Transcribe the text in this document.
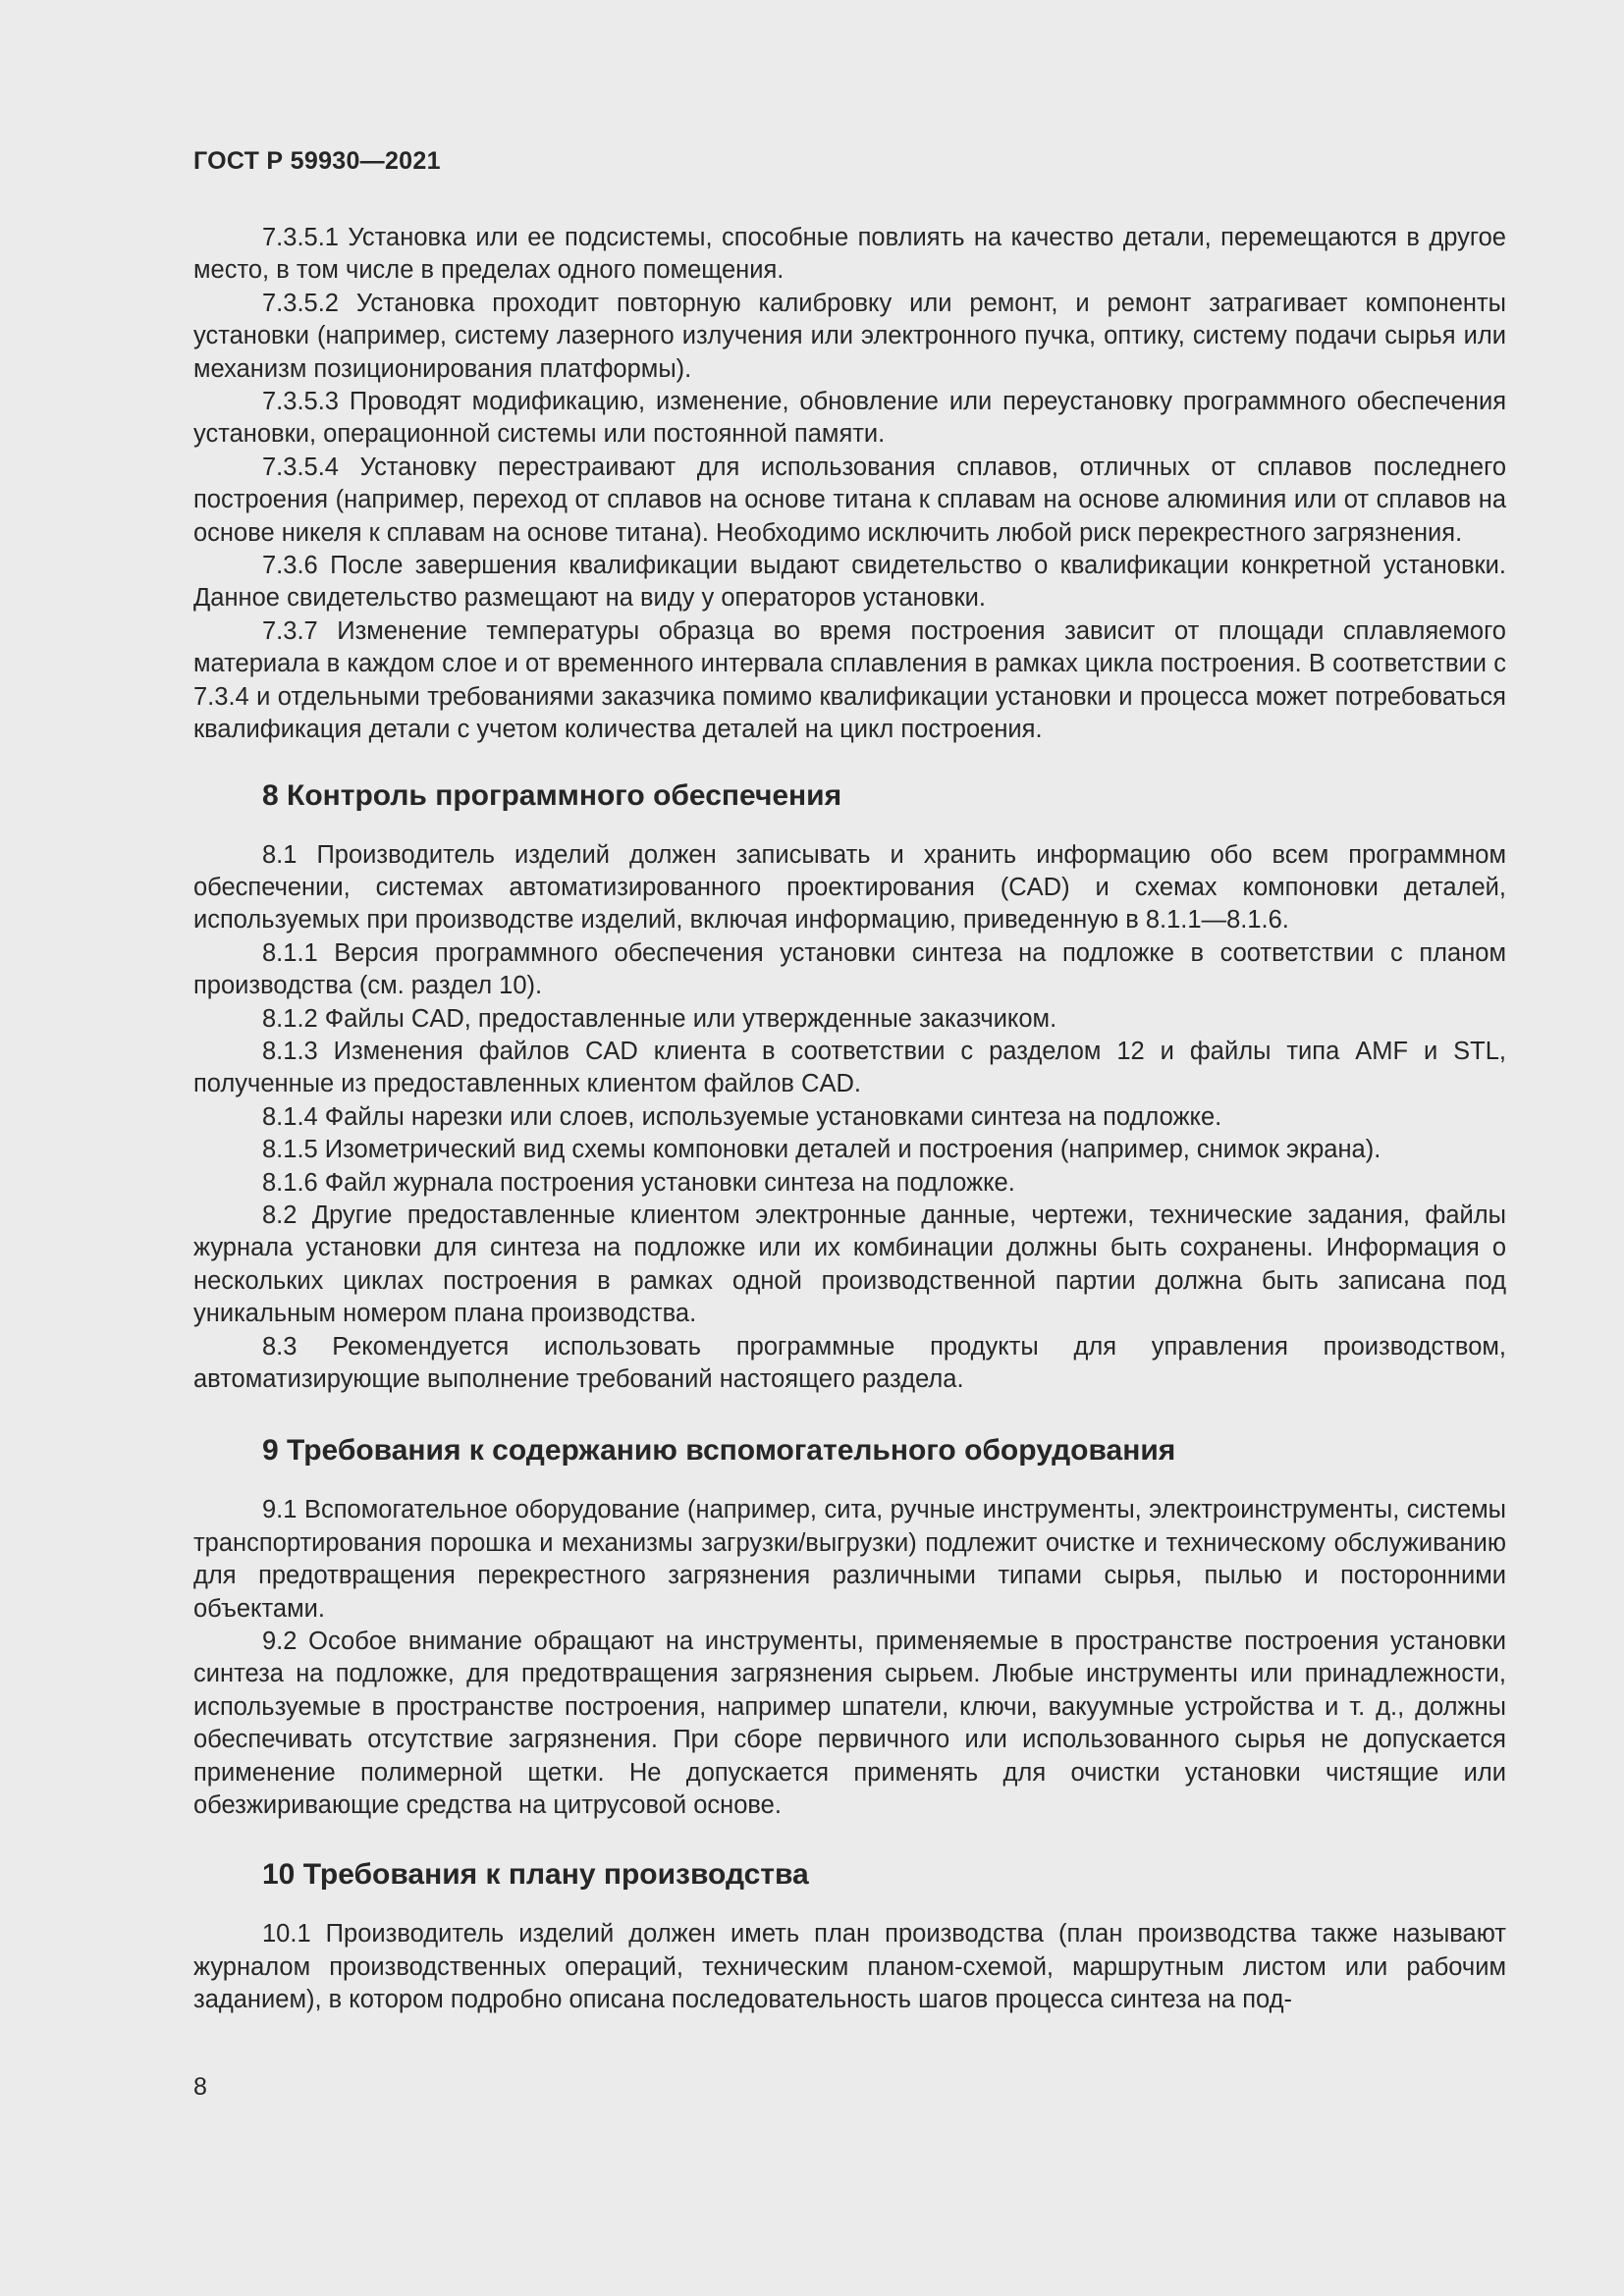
ГОСТ Р 59930—2021

7.3.5.1 Установка или ее подсистемы, способные повлиять на качество детали, перемещаются в другое место, в том числе в пределах одного помещения.

7.3.5.2 Установка проходит повторную калибровку или ремонт, и ремонт затрагивает компоненты установки (например, систему лазерного излучения или электронного пучка, оптику, систему подачи сырья или механизм позиционирования платформы).

7.3.5.3 Проводят модификацию, изменение, обновление или переустановку программного обеспечения установки, операционной системы или постоянной памяти.

7.3.5.4 Установку перестраивают для использования сплавов, отличных от сплавов последнего построения (например, переход от сплавов на основе титана к сплавам на основе алюминия или от сплавов на основе никеля к сплавам на основе титана). Необходимо исключить любой риск перекрестного загрязнения.

7.3.6 После завершения квалификации выдают свидетельство о квалификации конкретной установки. Данное свидетельство размещают на виду у операторов установки.

7.3.7 Изменение температуры образца во время построения зависит от площади сплавляемого материала в каждом слое и от временного интервала сплавления в рамках цикла построения. В соответствии с 7.3.4 и отдельными требованиями заказчика помимо квалификации установки и процесса может потребоваться квалификация детали с учетом количества деталей на цикл построения.

8 Контроль программного обеспечения

8.1 Производитель изделий должен записывать и хранить информацию обо всем программном обеспечении, системах автоматизированного проектирования (CAD) и схемах компоновки деталей, используемых при производстве изделий, включая информацию, приведенную в 8.1.1—8.1.6.

8.1.1 Версия программного обеспечения установки синтеза на подложке в соответствии с планом производства (см. раздел 10).

8.1.2 Файлы CAD, предоставленные или утвержденные заказчиком.

8.1.3 Изменения файлов CAD клиента в соответствии с разделом 12 и файлы типа AMF и STL, полученные из предоставленных клиентом файлов CAD.

8.1.4 Файлы нарезки или слоев, используемые установками синтеза на подложке.

8.1.5 Изометрический вид схемы компоновки деталей и построения (например, снимок экрана).

8.1.6 Файл журнала построения установки синтеза на подложке.

8.2 Другие предоставленные клиентом электронные данные, чертежи, технические задания, файлы журнала установки для синтеза на подложке или их комбинации должны быть сохранены. Информация о нескольких циклах построения в рамках одной производственной партии должна быть записана под уникальным номером плана производства.

8.3 Рекомендуется использовать программные продукты для управления производством, автоматизирующие выполнение требований настоящего раздела.

9 Требования к содержанию вспомогательного оборудования

9.1 Вспомогательное оборудование (например, сита, ручные инструменты, электроинструменты, системы транспортирования порошка и механизмы загрузки/выгрузки) подлежит очистке и техническому обслуживанию для предотвращения перекрестного загрязнения различными типами сырья, пылью и посторонними объектами.

9.2 Особое внимание обращают на инструменты, применяемые в пространстве построения установки синтеза на подложке, для предотвращения загрязнения сырьем. Любые инструменты или принадлежности, используемые в пространстве построения, например шпатели, ключи, вакуумные устройства и т. д., должны обеспечивать отсутствие загрязнения. При сборе первичного или использованного сырья не допускается применение полимерной щетки. Не допускается применять для очистки установки чистящие или обезжиривающие средства на цитрусовой основе.

10 Требования к плану производства

10.1 Производитель изделий должен иметь план производства (план производства также называют журналом производственных операций, техническим планом-схемой, маршрутным листом или рабочим заданием), в котором подробно описана последовательность шагов процесса синтеза на под-

8
